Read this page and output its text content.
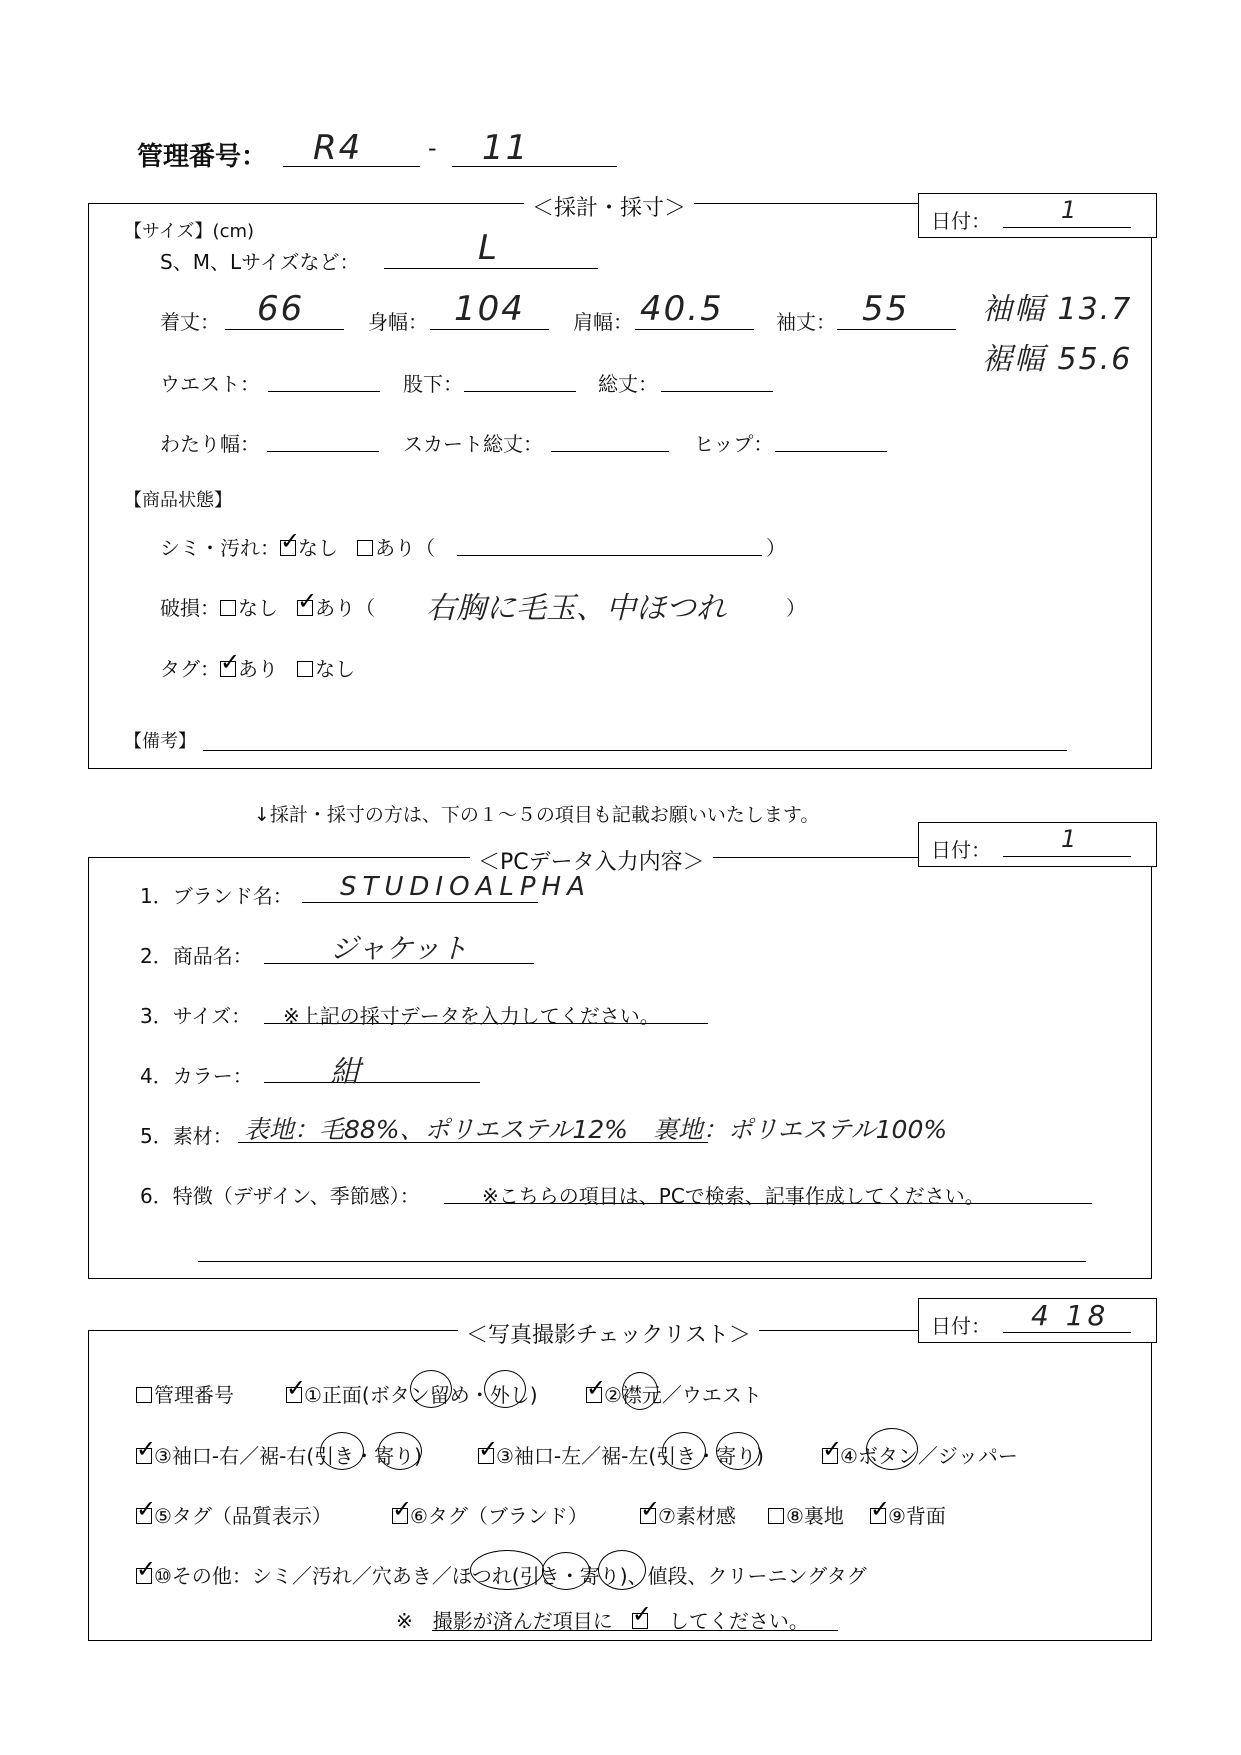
管理番号： R4	- 11
＜採計・採寸＞	日付：	1
【サイズ】(cm)
S、M、Lサイズなど：	L
着丈： 66	身幅： 104 肩幅： 40.5	袖丈： 55 袖幅 13.7
裾幅 55.6
ウエスト：	股下：	総丈：
わたり幅：	スカート総丈：	ヒップ：
【商品状態】
シミ・汚れ： ✓ なし あり（	）
破損： なし ✓ あり（ 右胸に毛玉、中ほつれ	）
タグ： ✓ あり なし
【備考】
↓採計・採寸の方は、下の１～５の項目も記載お願いいたします。
＜PCデータ入力内容＞	日付：	1
1．ブランド名： STUDIOALPHA
2．商品名：	ジャケット
3．サイズ： ※上記の採寸データを入力してください。
4．カラー：	紺
5．素材： 表地：毛88%、ポリエステル12%　裏地：ポリエステル100%
6．特徴（デザイン、季節感）：	※こちらの項目は、PCで検索、記事作成してください。
＜写真撮影チェックリスト＞	日付： 4 18
管理番号 ✓	①正面(ボタン留め・外し) ✓	②襟元／ウエスト
✓③袖口-右／裾-右(引き・寄り) ✓	③袖口-左／裾-左(引き・寄り) ✓	④ボタン／ジッパー
✓⑤タグ（品質表示） ✓	⑥タグ（ブランド） ✓	⑦素材感	⑧裏地 ✓	⑨背面
✓⑩その他：シミ／汚れ／穴あき／ほつれ(引き・寄り)、値段、クリーニングタグ
※　撮影が済んだ項目に ✓	してください。
